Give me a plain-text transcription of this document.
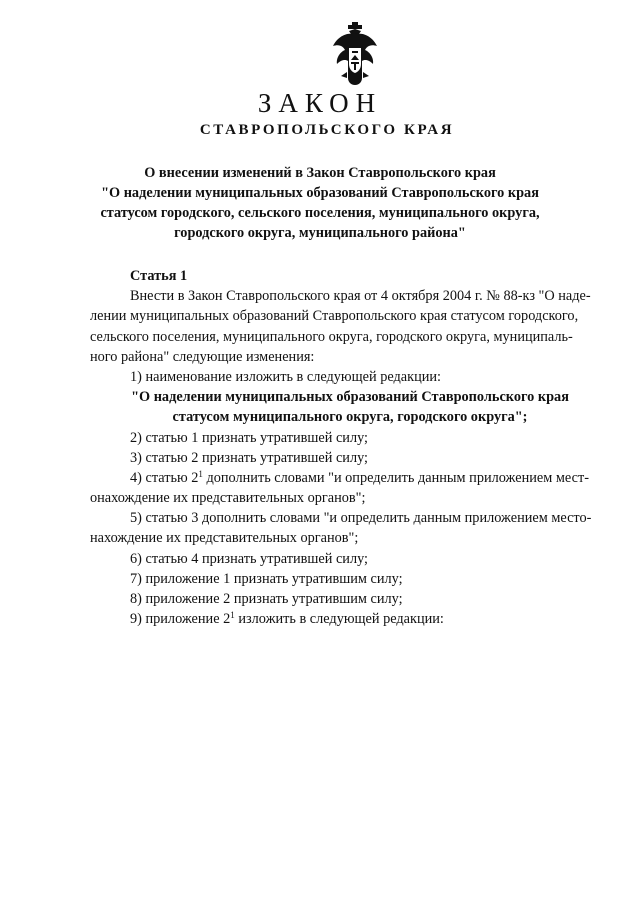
ЗАКОН
СТАВРОПОЛЬСКОГО КРАЯ
О внесении изменений в Закон Ставропольского края
"О наделении муниципальных образований Ставропольского края
статусом городского, сельского поселения, муниципального округа,
городского округа, муниципального района"
Статья 1
Внести в Закон Ставропольского края от 4 октября 2004 г. № 88-кз "О наде-
лении муниципальных образований Ставропольского края статусом городского,
сельского поселения, муниципального округа, городского округа, муниципаль-
ного района" следующие изменения:
1) наименование изложить в следующей редакции:
"О наделении муниципальных образований Ставропольского края
статусом муниципального округа, городского округа";
2) статью 1 признать утратившей силу;
3) статью 2 признать утратившей силу;
4) статью $2^1$ дополнить словами "и определить данным приложением мест-
онахождение их представительных органов";
5) статью 3 дополнить словами "и определить данным приложением место-
нахождение их представительных органов";
6) статью 4 признать утратившей силу;
7) приложение 1 признать утратившим силу;
8) приложение 2 признать утратившим силу;
9) приложение $2^1$ изложить в следующей редакции:
